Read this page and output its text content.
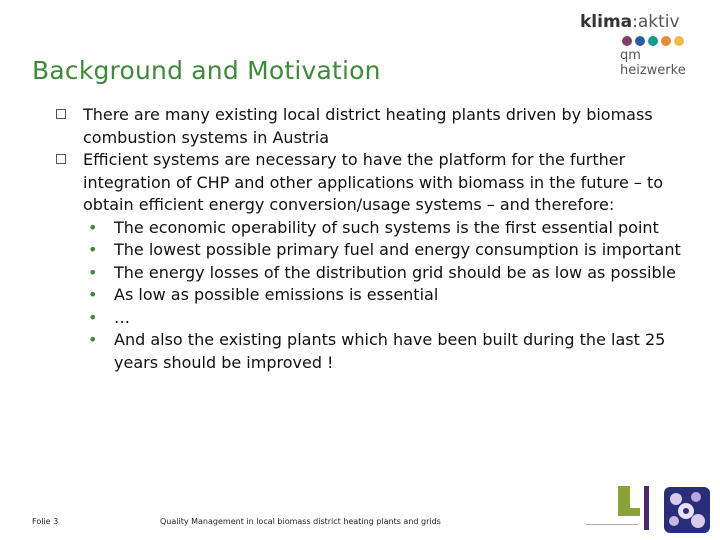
Background and Motivation
klima:aktiv
qm heizwerke

There are many existing local district heating plants driven by biomass combustion systems in Austria

Efficient systems are necessary to have the platform for the further integration of CHP and other applications with biomass in the future – to obtain efficient energy conversion/usage systems – and therefore:

• The economic operability of such systems is the first essential point

• The lowest possible primary fuel and energy consumption is important

• The energy losses of the distribution grid should be as low as possible

• As low as possible emissions is essential

• …

• And also the existing plants which have been built during the last 25 years should be improved !

Folie 3	Quality Management in local biomass district heating plants and grids
